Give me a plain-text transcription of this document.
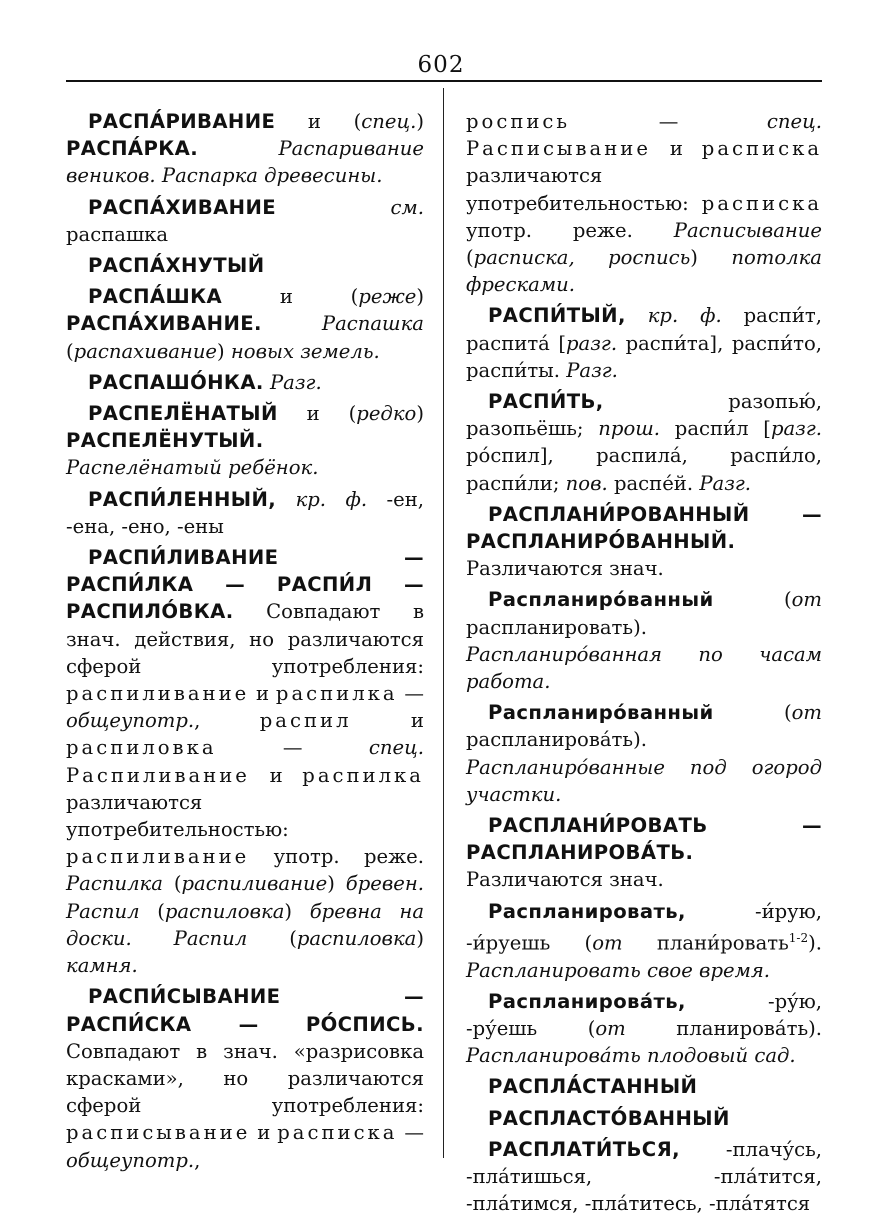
602

РАСПА́РИВАНИЕ и (спец.) РАСПА́РКА.	Распаривание веников. Распарка древесины.

РАСПА́ХИВАНИЕ	см. распашка

РАСПА́ХНУТЫЙ

РАСПА́ШКА и (реже) РАСПА́ХИВАНИЕ.	Распашка (распахивание) новых земель.

РАСПАШО́НКА. Разг.

РАСПЕЛЁНАТЫЙ и (редко) РАСПЕЛЁНУТЫЙ. Распелёнатый ребёнок.

РАСПИ́ЛЕННЫЙ, кр. ф. -ен, -ена, -ено, -ены

РАСПИ́ЛИВАНИЕ — РАСПИ́ЛКА — РАСПИ́Л — РАСПИЛО́ВКА. Совпадают в знач. действия, но различаются сферой употребления: распиливание и распилка — общеупотр., распил и распиловка — спец. Распиливание и распилка различаются употребительностью: распиливание употр. реже. Распилка (распиливание) бревен. Распил (распиловка) бревна на доски. Распил (распиловка) камня.

РАСПИ́СЫВАНИЕ — РАСПИ́СКА — РО́СПИСЬ. Совпадают в знач. «разрисовка красками», но различаются сферой употребления: расписывание и расписка — общеупотр.,

роспись — спец. Расписывание и расписка различаются употребительностью: расписка употр. реже. Расписывание (расписка, роспись) потолка фресками.

РАСПИ́ТЫЙ, кр. ф. распи́т, распита́ [разг. распи́та], распи́то, распи́ты. Разг.

РАСПИ́ТЬ, разопью́, разопьёшь; прош. распи́л [разг. ро́спил], распила́, распи́ло, распи́ли; пов. распе́й. Разг.

РАСПЛАНИ́РОВАННЫЙ — РАСПЛАНИРО́ВАННЫЙ. Различаются знач.

Распланиро́ванный (от распланировать). Распланиро́ванная по часам работа.

Распланиро́ванный (от распланирова́ть). Распланиро́ванные под огород участки.

РАСПЛАНИ́РОВАТЬ — РАСПЛАНИРОВА́ТЬ. Различаются знач.

Распланировать, -и́рую, -и́руешь (от плани́ровать$^{1-2}$). Распланировать свое время.

Распланирова́ть, -ру́ю, -ру́ешь (от планирова́ть). Распланирова́ть плодовый сад.

РАСПЛА́СТАННЫЙ

РАСПЛАСТО́ВАННЫЙ

РАСПЛАТИ́ТЬСЯ, -плачу́сь, -пла́тишься, -пла́тится, -пла́тимся, -пла́титесь, -пла́тятся
